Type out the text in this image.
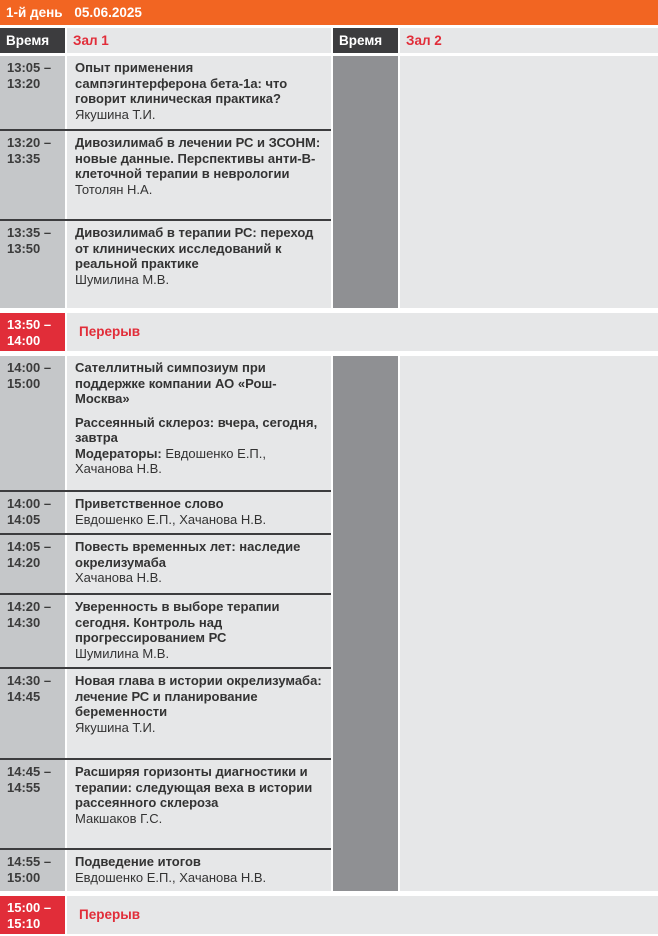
1-й день 05.06.2025
Время	Зал 1	Время	Зал 2
13:05 –
13:20
Опыт применения сампэгинтерферона бета-1а: что говорит клиническая практика?
Якушина Т.И.
13:20 –
13:35
Дивозилимаб в лечении РС и ЗСОНМ: новые данные. Перспективы анти-В-клеточной терапии в неврологии
Тотолян Н.А.
13:35 –
13:50
Дивозилимаб в терапии РС: переход от клинических исследований к реальной практике
Шумилина М.В.
13:50 –
14:00
Перерыв
14:00 –
15:00
Сателлитный симпозиум при поддержке компании АО «Рош-Москва»
Рассеянный склероз: вчера, сегодня, завтра
Модераторы: Евдошенко Е.П., Хачанова Н.В.
14:00 –
14:05
Приветственное слово
Евдошенко Е.П., Хачанова Н.В.
14:05 –
14:20
Повесть временных лет: наследие окрелизумаба
Хачанова Н.В.
14:20 –
14:30
Уверенность в выборе терапии сегодня. Контроль над прогрессированием РС
Шумилина М.В.
14:30 –
14:45
Новая глава в истории окрелизумаба: лечение РС и планирование беременности
Якушина Т.И.
14:45 –
14:55
Расширяя горизонты диагностики и терапии: следующая веха в истории рассеянного склероза
Макшаков Г.С.
14:55 –
15:00
Подведение итогов
Евдошенко Е.П., Хачанова Н.В.
15:00 –
15:10
Перерыв
